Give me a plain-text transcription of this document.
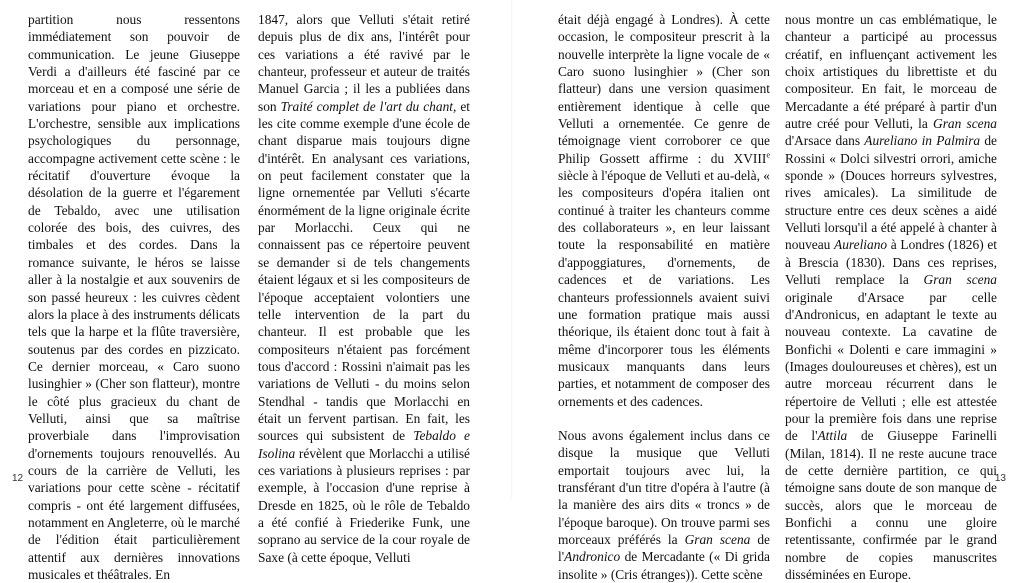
partition nous ressentons immédiatement son pouvoir de communication. Le jeune Giuseppe Verdi a d'ailleurs été fasciné par ce morceau et en a composé une série de variations pour piano et orchestre. L'orchestre, sensible aux implications psychologiques du personnage, accompagne activement cette scène : le récitatif d'ouverture évoque la désolation de la guerre et l'égarement de Tebaldo, avec une utilisation colorée des bois, des cuivres, des timbales et des cordes. Dans la romance suivante, le héros se laisse aller à la nostalgie et aux souvenirs de son passé heureux : les cuivres cèdent alors la place à des instruments délicats tels que la harpe et la flûte traversière, soutenus par des cordes en pizzicato. Ce dernier morceau, « Caro suono lusinghier » (Cher son flatteur), montre le côté plus gracieux du chant de Velluti, ainsi que sa maîtrise proverbiale dans l'improvisation d'ornements toujours renouvellés. Au cours de la carrière de Velluti, les variations pour cette scène - récitatif compris - ont été largement diffusées, notamment en Angleterre, où le marché de l'édition était particulièrement attentif aux dernières innovations musicales et théâtrales. En

1847, alors que Velluti s'était retiré depuis plus de dix ans, l'intérêt pour ces variations a été ravivé par le chanteur, professeur et auteur de traités Manuel Garcia ; il les a publiées dans son Traité complet de l'art du chant, et les cite comme exemple d'une école de chant disparue mais toujours digne d'intérêt. En analysant ces variations, on peut facilement constater que la ligne ornementée par Velluti s'écarte énormément de la ligne originale écrite par Morlacchi. Ceux qui ne connaissent pas ce répertoire peuvent se demander si de tels changements étaient légaux et si les compositeurs de l'époque acceptaient volontiers une telle intervention de la part du chanteur. Il est probable que les compositeurs n'étaient pas forcément tous d'accord : Rossini n'aimait pas les variations de Velluti - du moins selon Stendhal - tandis que Morlacchi en était un fervent partisan. En fait, les sources qui subsistent de Tebaldo e Isolina révèlent que Morlacchi a utilisé ces variations à plusieurs reprises : par exemple, à l'occasion d'une reprise à Dresde en 1825, où le rôle de Tebaldo a été confié à Friederike Funk, une soprano au service de la cour royale de Saxe (à cette époque, Velluti

était déjà engagé à Londres). À cette occasion, le compositeur prescrit à la nouvelle interprète la ligne vocale de « Caro suono lusinghier » (Cher son flatteur) dans une version quasiment entièrement identique à celle que Velluti a ornementée. Ce genre de témoignage vient corroborer ce que Philip Gossett affirme : du XVIIIe siècle à l'époque de Velluti et au-delà, « les compositeurs d'opéra italien ont continué à traiter les chanteurs comme des collaborateurs », en leur laissant toute la responsabilité en matière d'appoggiatures, d'ornements, de cadences et de variations. Les chanteurs professionnels avaient suivi une formation pratique mais aussi théorique, ils étaient donc tout à fait à même d'incorporer tous les éléments musicaux manquants dans leurs parties, et notamment de composer des ornements et des cadences.

Nous avons également inclus dans ce disque la musique que Velluti emportait toujours avec lui, la transférant d'un titre d'opéra à l'autre (à la manière des airs dits « troncs » de l'époque baroque). On trouve parmi ses morceaux préférés la Gran scena de l'Andronico de Mercadante (« Di grida insolite » (Cris étranges)). Cette scène

nous montre un cas emblématique, le chanteur a participé au processus créatif, en influençant activement les choix artistiques du librettiste et du compositeur. En fait, le morceau de Mercadante a été préparé à partir d'un autre créé pour Velluti, la Gran scena d'Arsace dans Aureliano in Palmira de Rossini « Dolci silvestri orrori, amiche sponde » (Douces horreurs sylvestres, rives amicales). La similitude de structure entre ces deux scènes a aidé Velluti lorsqu'il a été appelé à chanter à nouveau Aureliano à Londres (1826) et à Brescia (1830). Dans ces reprises, Velluti remplace la Gran scena originale d'Arsace par celle d'Andronicus, en adaptant le texte au nouveau contexte. La cavatine de Bonfichi « Dolenti e care immagini » (Images douloureuses et chères), est un autre morceau récurrent dans le répertoire de Velluti ; elle est attestée pour la première fois dans une reprise de l'Attila de Giuseppe Farinelli (Milan, 1814). Il ne reste aucune trace de cette dernière partition, ce qui témoigne sans doute de son manque de succès, alors que le morceau de Bonfichi a connu une gloire retentissante, confirmée par le grand nombre de copies manuscrites disséminées en Europe.

12	13
